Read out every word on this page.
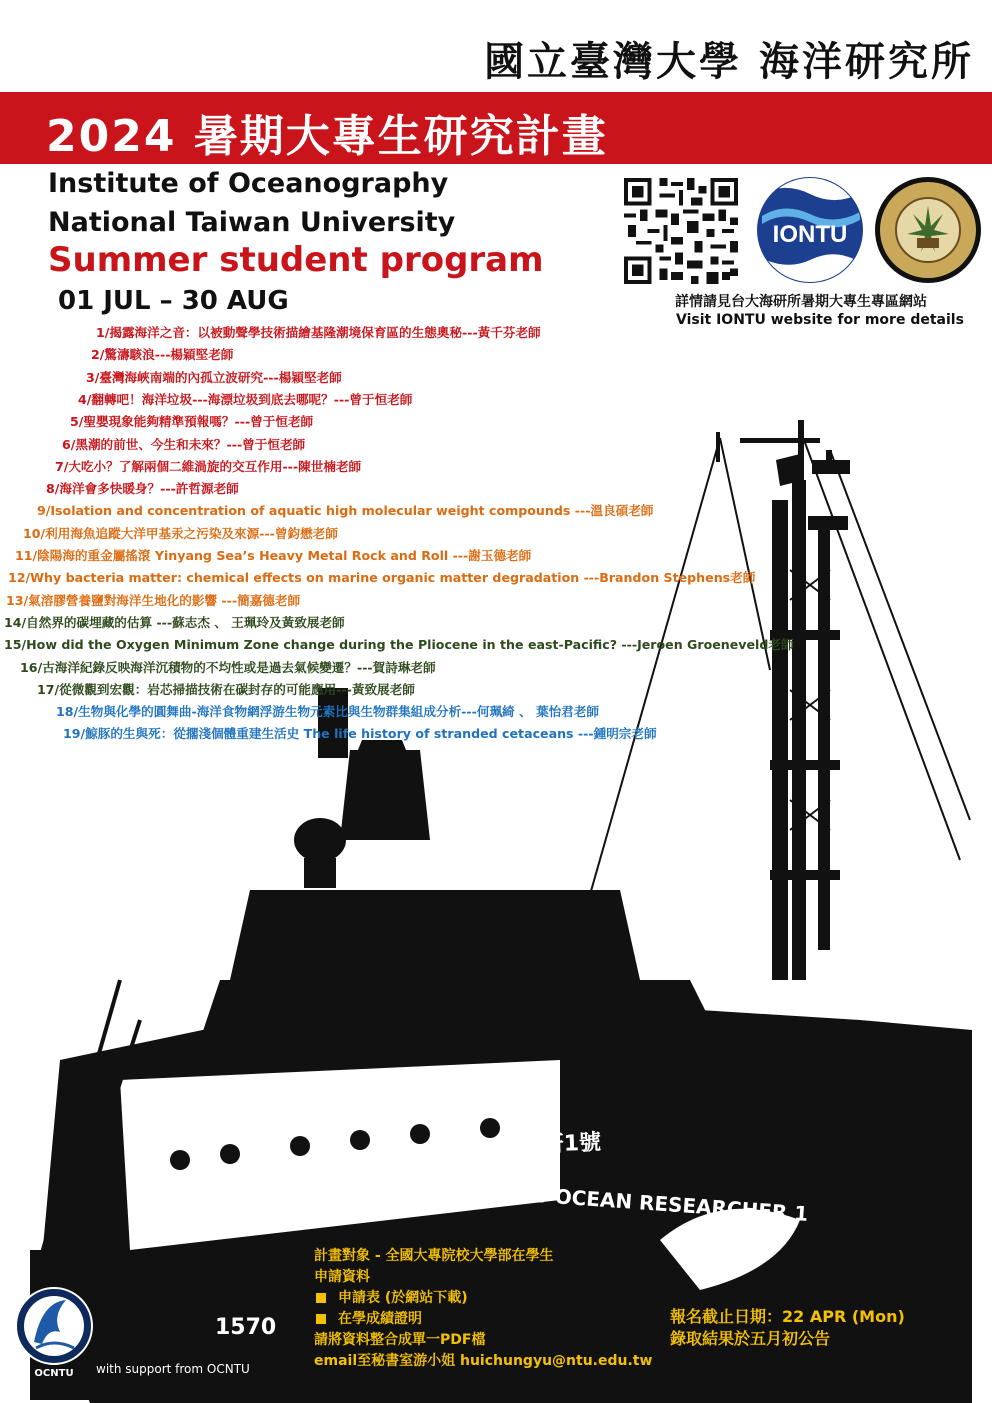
國立臺灣大學 海洋研究所
2024 暑期大專生研究計畫
Institute of Oceanography
National Taiwan University
Summer student program
01 JUL – 30 AUG
IONTU
詳情請見台大海研所暑期大專生專區網站
Visit IONTU website for more details
新海研1號
R/V NEW OCEAN RESEARCHER 1
1570
1/揭露海洋之音：以被動聲學技術描繪基隆潮境保育區的生態奧秘---黃千芬老師
2/驚濤駭浪---楊穎堅老師
3/臺灣海峽南端的內孤立波研究---楊穎堅老師
4/翻轉吧！海洋垃圾---海漂垃圾到底去哪呢？---曾于恒老師
5/聖嬰現象能夠精準預報嗎？---曾于恒老師
6/黑潮的前世、今生和未來？---曾于恒老師
7/大吃小？了解兩個二維渦旋的交互作用---陳世楠老師
8/海洋會多快暖身？---許哲源老師
9/Isolation and concentration of aquatic high molecular weight compounds ---溫良碩老師
10/利用海魚追蹤大洋甲基汞之污染及來源---曾鈞懋老師
11/陰陽海的重金屬搖滾 Yinyang Sea’s Heavy Metal Rock and Roll ---謝玉德老師
12/Why bacteria matter: chemical effects on marine organic matter degradation ---Brandon Stephens老師
13/氣溶膠營養鹽對海洋生地化的影響 ---簡嘉德老師
14/自然界的碳埋藏的估算 ---蘇志杰 、 王珮玲及黃致展老師
15/How did the Oxygen Minimum Zone change during the Pliocene in the east-Pacific? ---Jeroen Groeneveld老師
16/古海洋紀錄反映海洋沉積物的不均性或是過去氣候變遷？---賀詩琳老師
17/從微觀到宏觀：岩芯掃描技術在碳封存的可能應用---黃致展老師
18/生物與化學的圓舞曲-海洋食物網浮游生物元素比與生物群集組成分析---何珮綺 、 葉怡君老師
19/鯨豚的生與死：從擱淺個體重建生活史 The life history of stranded cetaceans ---鍾明宗老師
計畫對象 - 全國大專院校大學部在學生
申請資料
申請表 (於網站下載)
在學成績證明
請將資料整合成單一PDF檔
email至秘書室游小姐 huichungyu@ntu.edu.tw
報名截止日期：22 APR (Mon)
錄取結果於五月初公告
OCNTU with support from OCNTU
